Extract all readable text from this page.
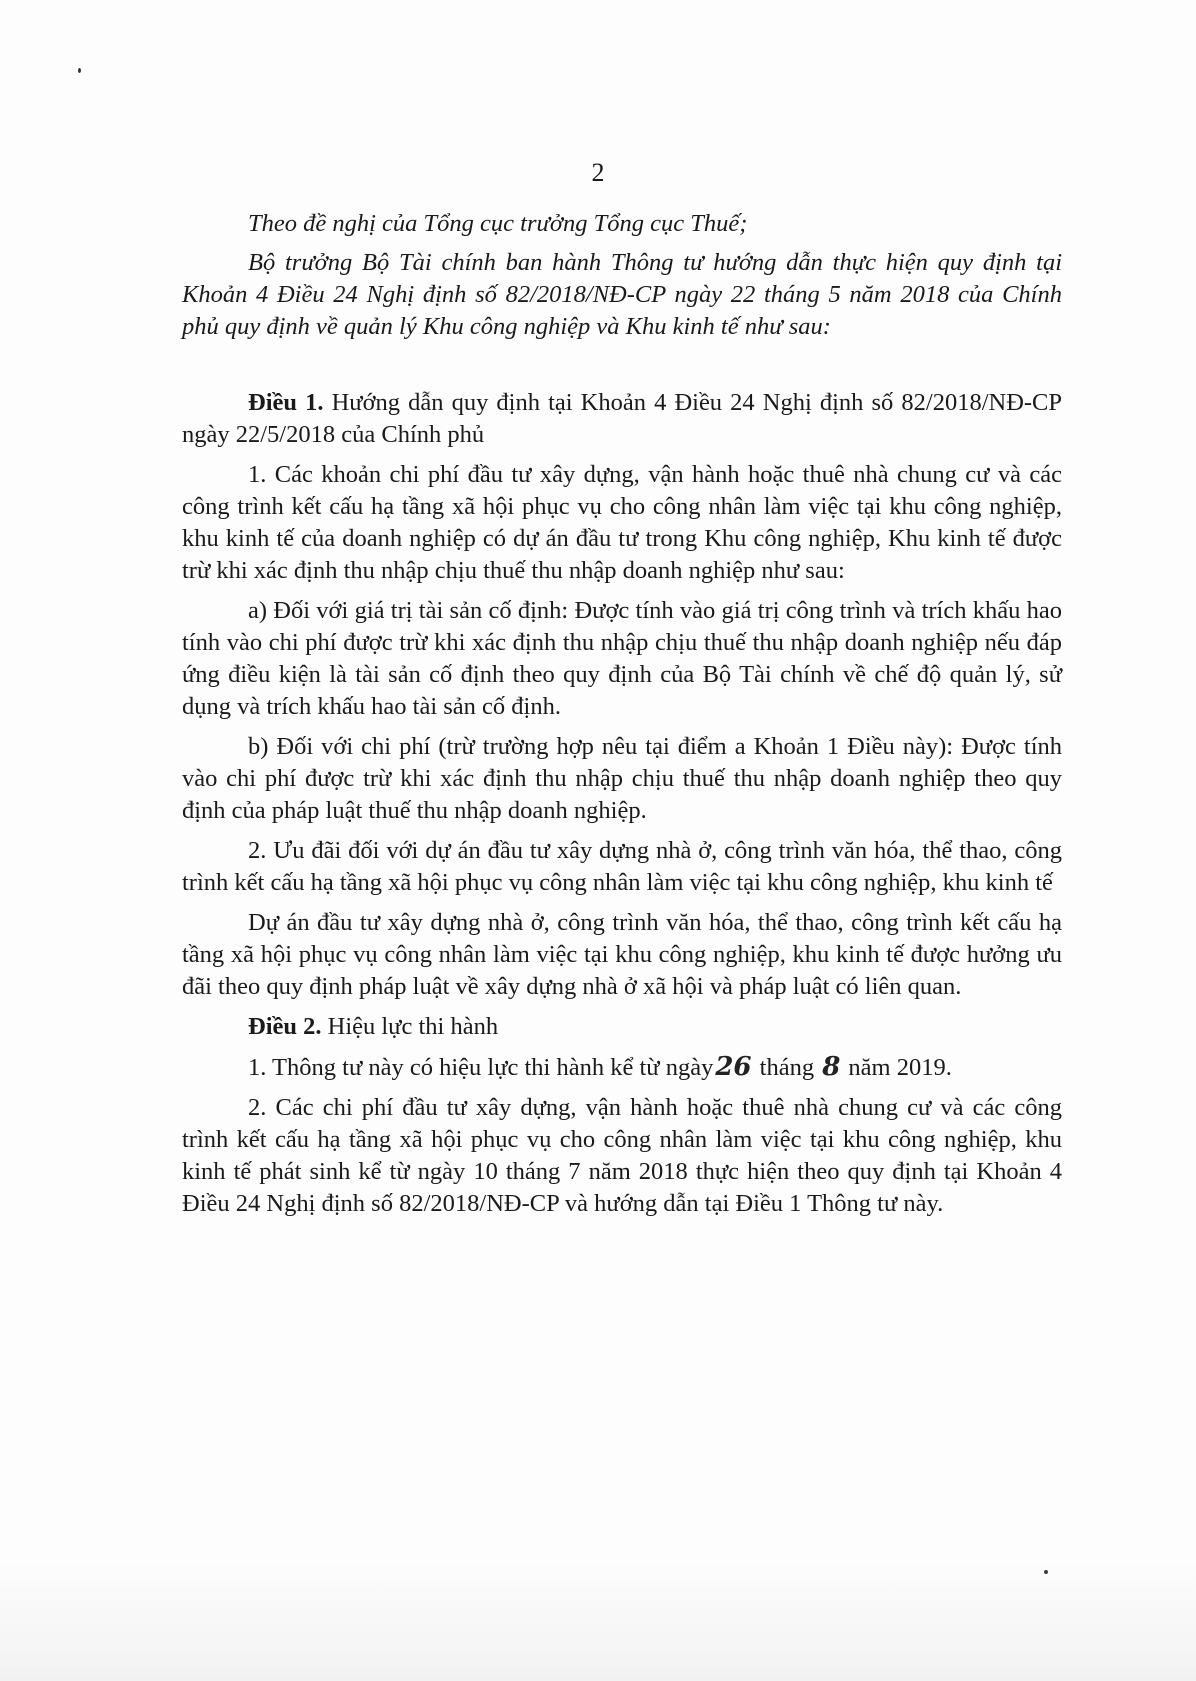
2

Theo đề nghị của Tổng cục trưởng Tổng cục Thuế;

Bộ trưởng Bộ Tài chính ban hành Thông tư hướng dẫn thực hiện quy định tại Khoản 4 Điều 24 Nghị định số 82/2018/NĐ-CP ngày 22 tháng 5 năm 2018 của Chính phủ quy định về quản lý Khu công nghiệp và Khu kinh tế như sau:

Điều 1. Hướng dẫn quy định tại Khoản 4 Điều 24 Nghị định số 82/2018/NĐ-CP ngày 22/5/2018 của Chính phủ

1. Các khoản chi phí đầu tư xây dựng, vận hành hoặc thuê nhà chung cư và các công trình kết cấu hạ tầng xã hội phục vụ cho công nhân làm việc tại khu công nghiệp, khu kinh tế của doanh nghiệp có dự án đầu tư trong Khu công nghiệp, Khu kinh tế được trừ khi xác định thu nhập chịu thuế thu nhập doanh nghiệp như sau:

a) Đối với giá trị tài sản cố định: Được tính vào giá trị công trình và trích khấu hao tính vào chi phí được trừ khi xác định thu nhập chịu thuế thu nhập doanh nghiệp nếu đáp ứng điều kiện là tài sản cố định theo quy định của Bộ Tài chính về chế độ quản lý, sử dụng và trích khấu hao tài sản cố định.

b) Đối với chi phí (trừ trường hợp nêu tại điểm a Khoản 1 Điều này): Được tính vào chi phí được trừ khi xác định thu nhập chịu thuế thu nhập doanh nghiệp theo quy định của pháp luật thuế thu nhập doanh nghiệp.

2. Ưu đãi đối với dự án đầu tư xây dựng nhà ở, công trình văn hóa, thể thao, công trình kết cấu hạ tầng xã hội phục vụ công nhân làm việc tại khu công nghiệp, khu kinh tế

Dự án đầu tư xây dựng nhà ở, công trình văn hóa, thể thao, công trình kết cấu hạ tầng xã hội phục vụ công nhân làm việc tại khu công nghiệp, khu kinh tế được hưởng ưu đãi theo quy định pháp luật về xây dựng nhà ở xã hội và pháp luật có liên quan.

Điều 2. Hiệu lực thi hành

1. Thông tư này có hiệu lực thi hành kể từ ngày26 tháng 8 năm 2019.

2. Các chi phí đầu tư xây dựng, vận hành hoặc thuê nhà chung cư và các công trình kết cấu hạ tầng xã hội phục vụ cho công nhân làm việc tại khu công nghiệp, khu kinh tế phát sinh kể từ ngày 10 tháng 7 năm 2018 thực hiện theo quy định tại Khoản 4 Điều 24 Nghị định số 82/2018/NĐ-CP và hướng dẫn tại Điều 1 Thông tư này.
